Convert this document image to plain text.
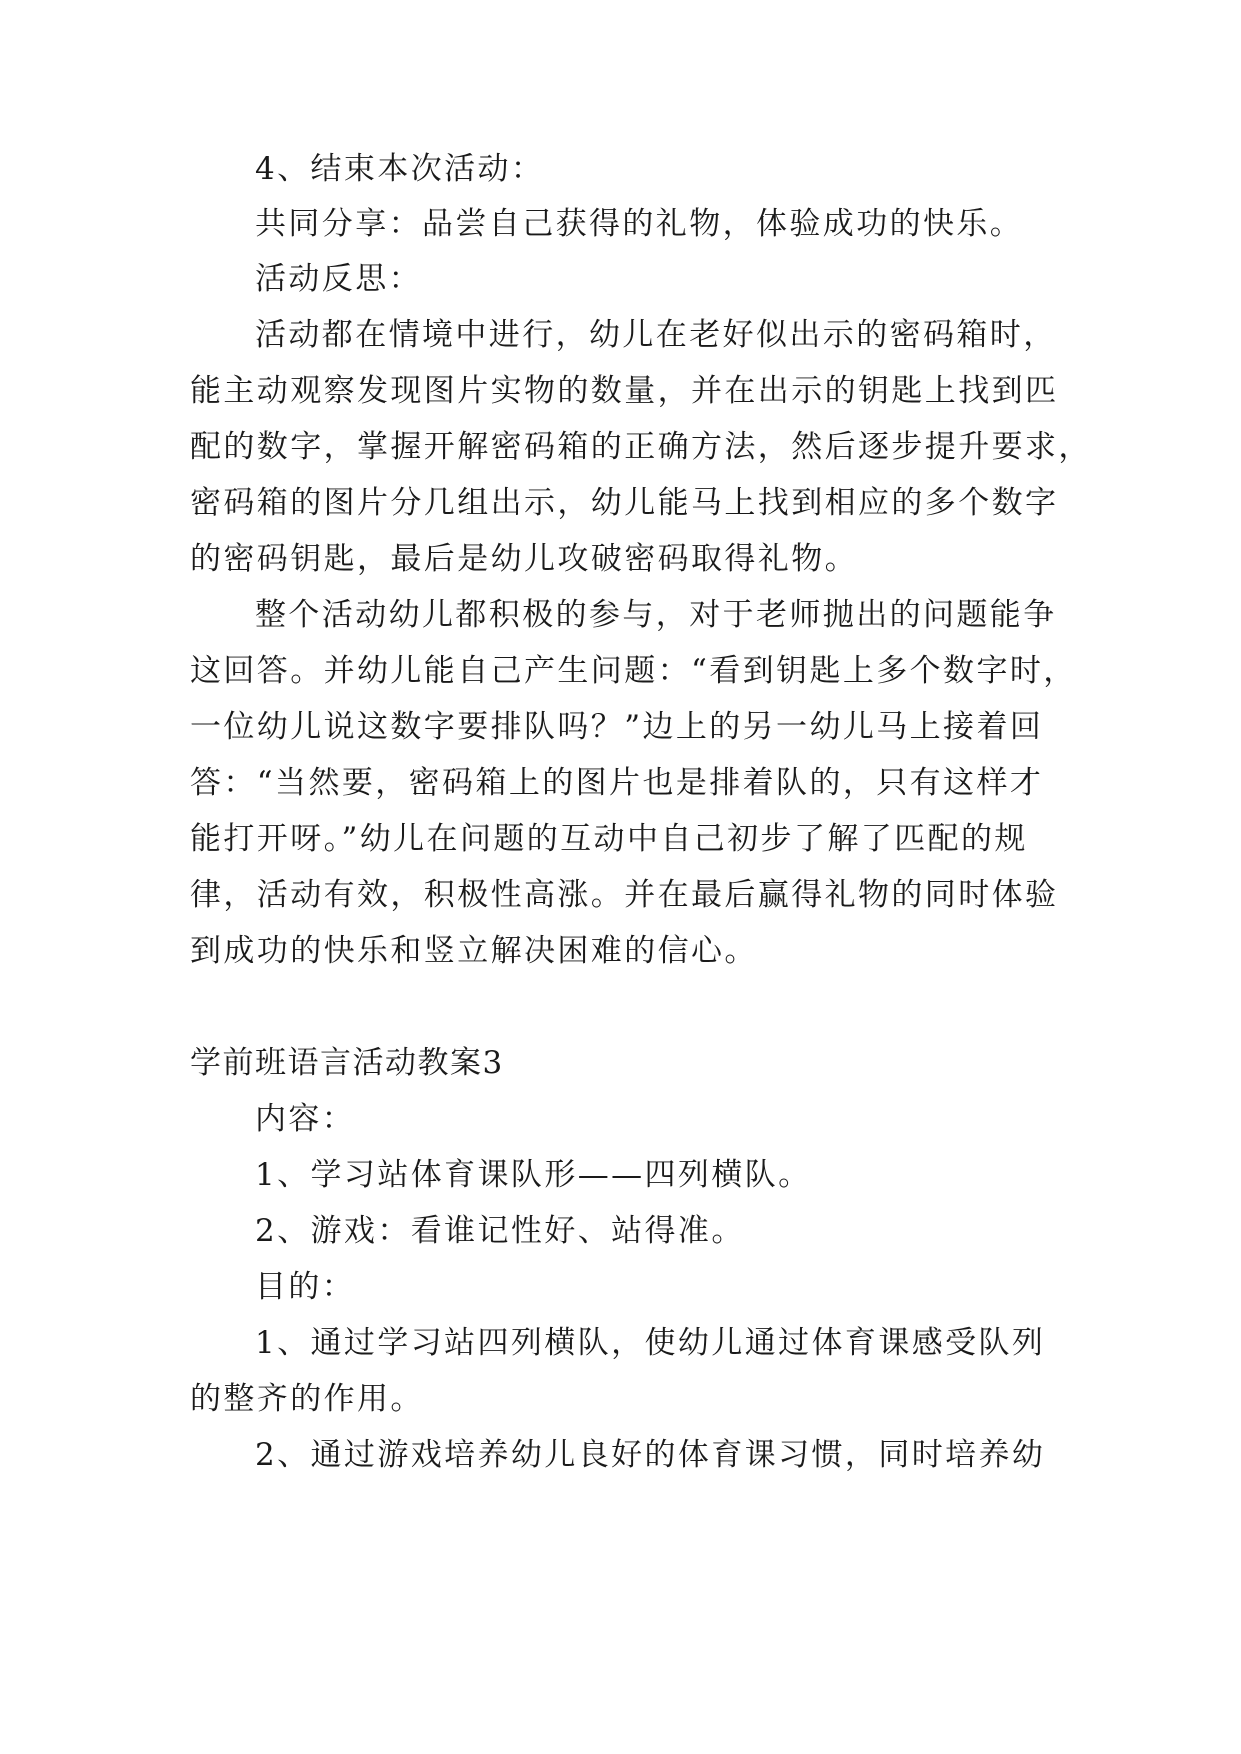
4、结束本次活动：
共同分享：品尝自己获得的礼物，体验成功的快乐。
活动反思：
活动都在情境中进行，幼儿在老好似出示的密码箱时，
能主动观察发现图片实物的数量，并在出示的钥匙上找到匹
配的数字，掌握开解密码箱的正确方法，然后逐步提升要求，
密码箱的图片分几组出示，幼儿能马上找到相应的多个数字
的密码钥匙，最后是幼儿攻破密码取得礼物。
整个活动幼儿都积极的参与，对于老师抛出的问题能争
这回答。并幼儿能自己产生问题：“看到钥匙上多个数字时，
一位幼儿说这数字要排队吗？”边上的另一幼儿马上接着回
答：“当然要，密码箱上的图片也是排着队的，只有这样才
能打开呀。”幼儿在问题的互动中自己初步了解了匹配的规
律，活动有效，积极性高涨。并在最后赢得礼物的同时体验
到成功的快乐和竖立解决困难的信心。
学前班语言活动教案3
内容：
1、学习站体育课队形——四列横队。
2、游戏：看谁记性好、站得准。
目的：
1、通过学习站四列横队，使幼儿通过体育课感受队列
的整齐的作用。
2、通过游戏培养幼儿良好的体育课习惯，同时培养幼
